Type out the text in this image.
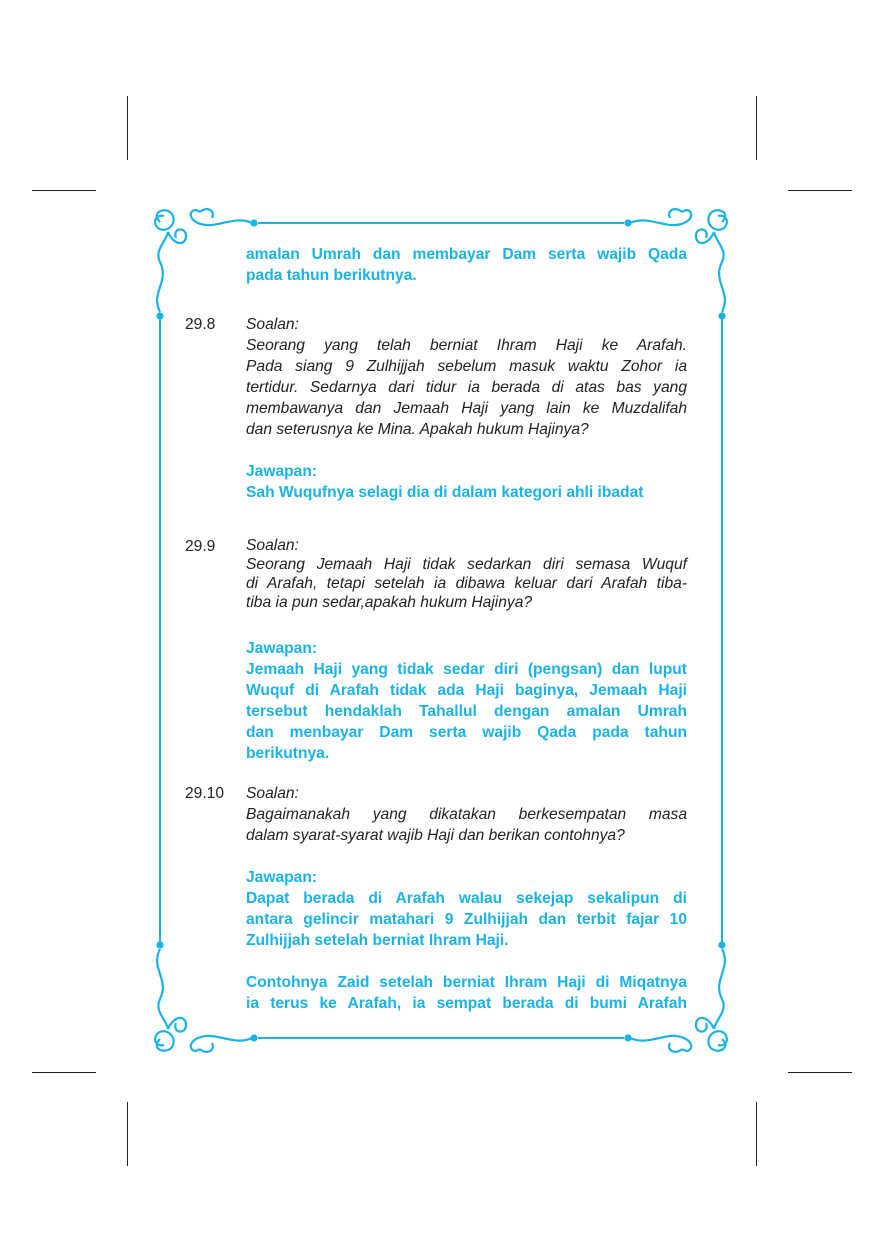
amalan Umrah dan membayar Dam serta wajib Qada
pada tahun berikutnya.
29.8 Soalan:
Seorang yang telah berniat Ihram Haji ke Arafah.
Pada siang 9 Zulhijjah sebelum masuk waktu Zohor ia
tertidur. Sedarnya dari tidur ia berada di atas bas yang
membawanya dan Jemaah Haji yang lain ke Muzdalifah
dan seterusnya ke Mina. Apakah hukum Hajinya?
Jawapan:
Sah Wuqufnya selagi dia di dalam kategori ahli ibadat
29.9 Soalan:
Seorang Jemaah Haji tidak sedarkan diri semasa Wuquf
di Arafah, tetapi setelah ia dibawa keluar dari Arafah tiba-
tiba ia pun sedar,apakah hukum Hajinya?
Jawapan:
Jemaah Haji yang tidak sedar diri (pengsan) dan luput
Wuquf di Arafah tidak ada Haji baginya, Jemaah Haji
tersebut hendaklah Tahallul dengan amalan Umrah
dan menbayar Dam serta wajib Qada pada tahun
berikutnya.
29.10 Soalan:
Bagaimanakah yang dikatakan berkesempatan masa
dalam syarat-syarat wajib Haji dan berikan contohnya?
Jawapan:
Dapat berada di Arafah walau sekejap sekalipun di
antara gelincir matahari 9 Zulhijjah dan terbit fajar 10
Zulhijjah setelah berniat Ihram Haji.
Contohnya Zaid setelah berniat Ihram Haji di Miqatnya
ia terus ke Arafah, ia sempat berada di bumi Arafah
